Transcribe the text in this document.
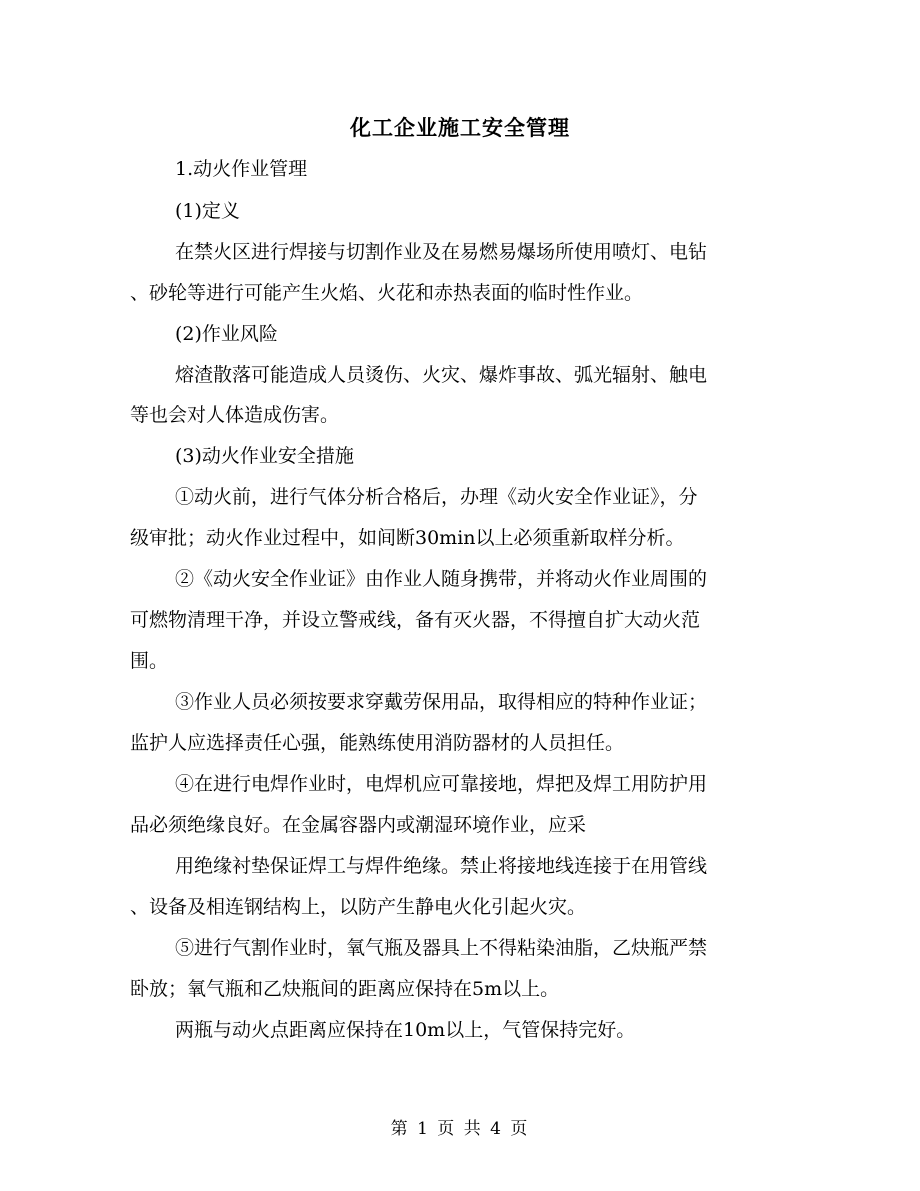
化工企业施工安全管理
1.动火作业管理
(1)定义
在禁火区进行焊接与切割作业及在易燃易爆场所使用喷灯、电钻
、砂轮等进行可能产生火焰、火花和赤热表面的临时性作业。
(2)作业风险
熔渣散落可能造成人员烫伤、火灾、爆炸事故、弧光辐射、触电
等也会对人体造成伤害。
(3)动火作业安全措施
①动火前，进行气体分析合格后，办理《动火安全作业证》，分
级审批；动火作业过程中，如间断30min以上必须重新取样分析。
②《动火安全作业证》由作业人随身携带，并将动火作业周围的
可燃物清理干净，并设立警戒线，备有灭火器，不得擅自扩大动火范
围。
③作业人员必须按要求穿戴劳保用品，取得相应的特种作业证；
监护人应选择责任心强，能熟练使用消防器材的人员担任。
④在进行电焊作业时，电焊机应可靠接地，焊把及焊工用防护用
品必须绝缘良好。在金属容器内或潮湿环境作业，应采
用绝缘衬垫保证焊工与焊件绝缘。禁止将接地线连接于在用管线
、设备及相连钢结构上，以防产生静电火化引起火灾。
⑤进行气割作业时，氧气瓶及器具上不得粘染油脂，乙炔瓶严禁
卧放；氧气瓶和乙炔瓶间的距离应保持在5m以上。
两瓶与动火点距离应保持在10m以上，气管保持完好。
第 1 页 共 4 页
